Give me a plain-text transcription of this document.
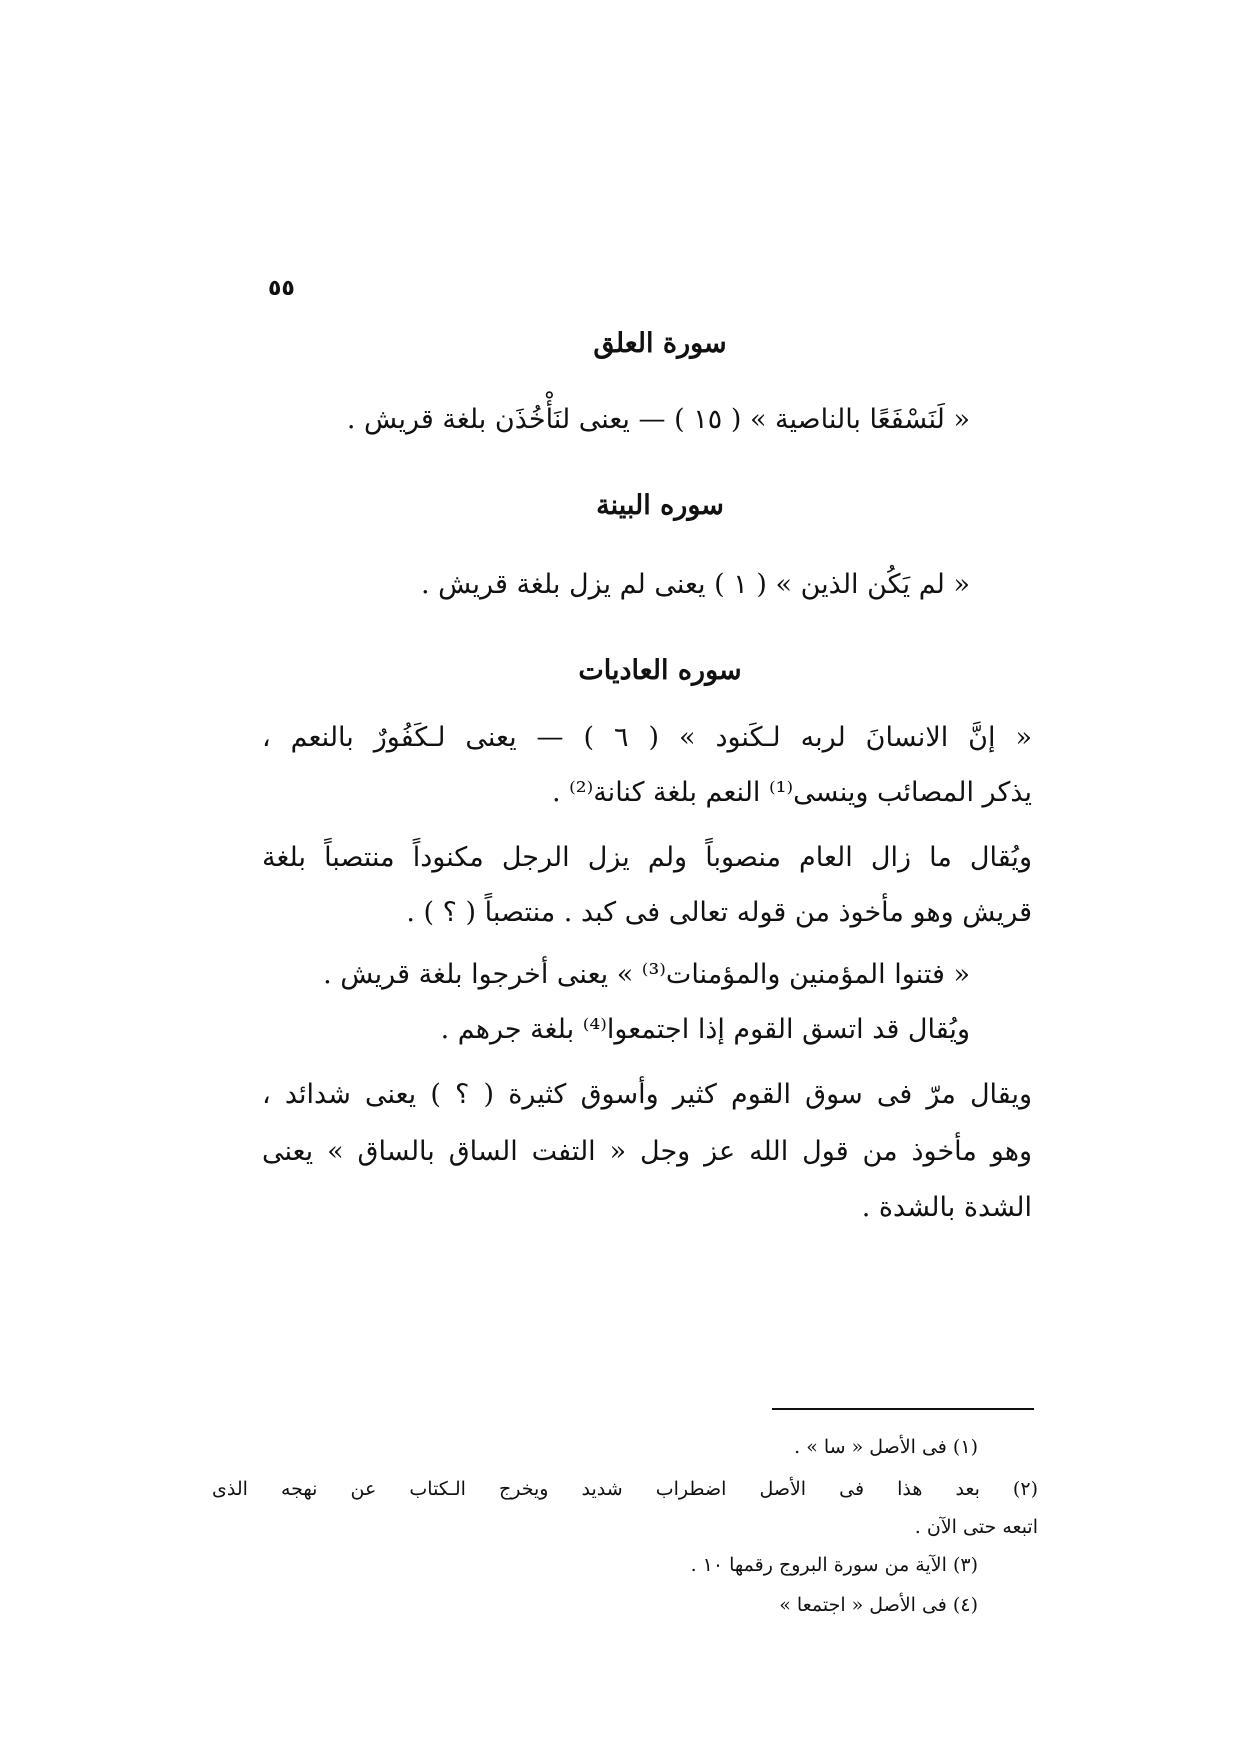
٥٥
سورة العلق
« لَنَسْفَعًا بالناصية » ( ١٥ ) — يعنى لنَأْخُذَن بلغة قريش .
سوره البينة
« لم يَكُن الذين » ( ١ ) يعنى لم يزل بلغة قريش .
سوره العاديات
« إنَّ الانسانَ لربه لـكَنود » ( ٦ ) — يعنى لـكَفُورٌ بالنعم ،
يذكر المصائب وينسى⁽¹⁾ النعم بلغة كنانة⁽²⁾ .
ويُقال ما زال العام منصوباً ولم يزل الرجل مكنوداً منتصباً بلغة
قريش وهو مأخوذ من قوله تعالى فى كبد . منتصباً ( ؟ ) .
« فتنوا المؤمنين والمؤمنات⁽³⁾ » يعنى أخرجوا بلغة قريش .
ويُقال قد اتسق القوم إذا اجتمعوا⁽⁴⁾ بلغة جرهم .
ويقال مرّ فى سوق القوم كثير وأسوق كثيرة ( ؟ ) يعنى شدائد ،
وهو مأخوذ من قول الله عز وجل « التفت الساق بالساق » يعنى
الشدة بالشدة .
(١) فى الأصل « سا » .
(٢) بعد هذا فى الأصل اضطراب شديد ويخرج الـكتاب عن نهجه الذى
اتبعه حتى الآن .
(٣) الآية من سورة البروج رقمها ١٠ .
(٤) فى الأصل « اجتمعا »
